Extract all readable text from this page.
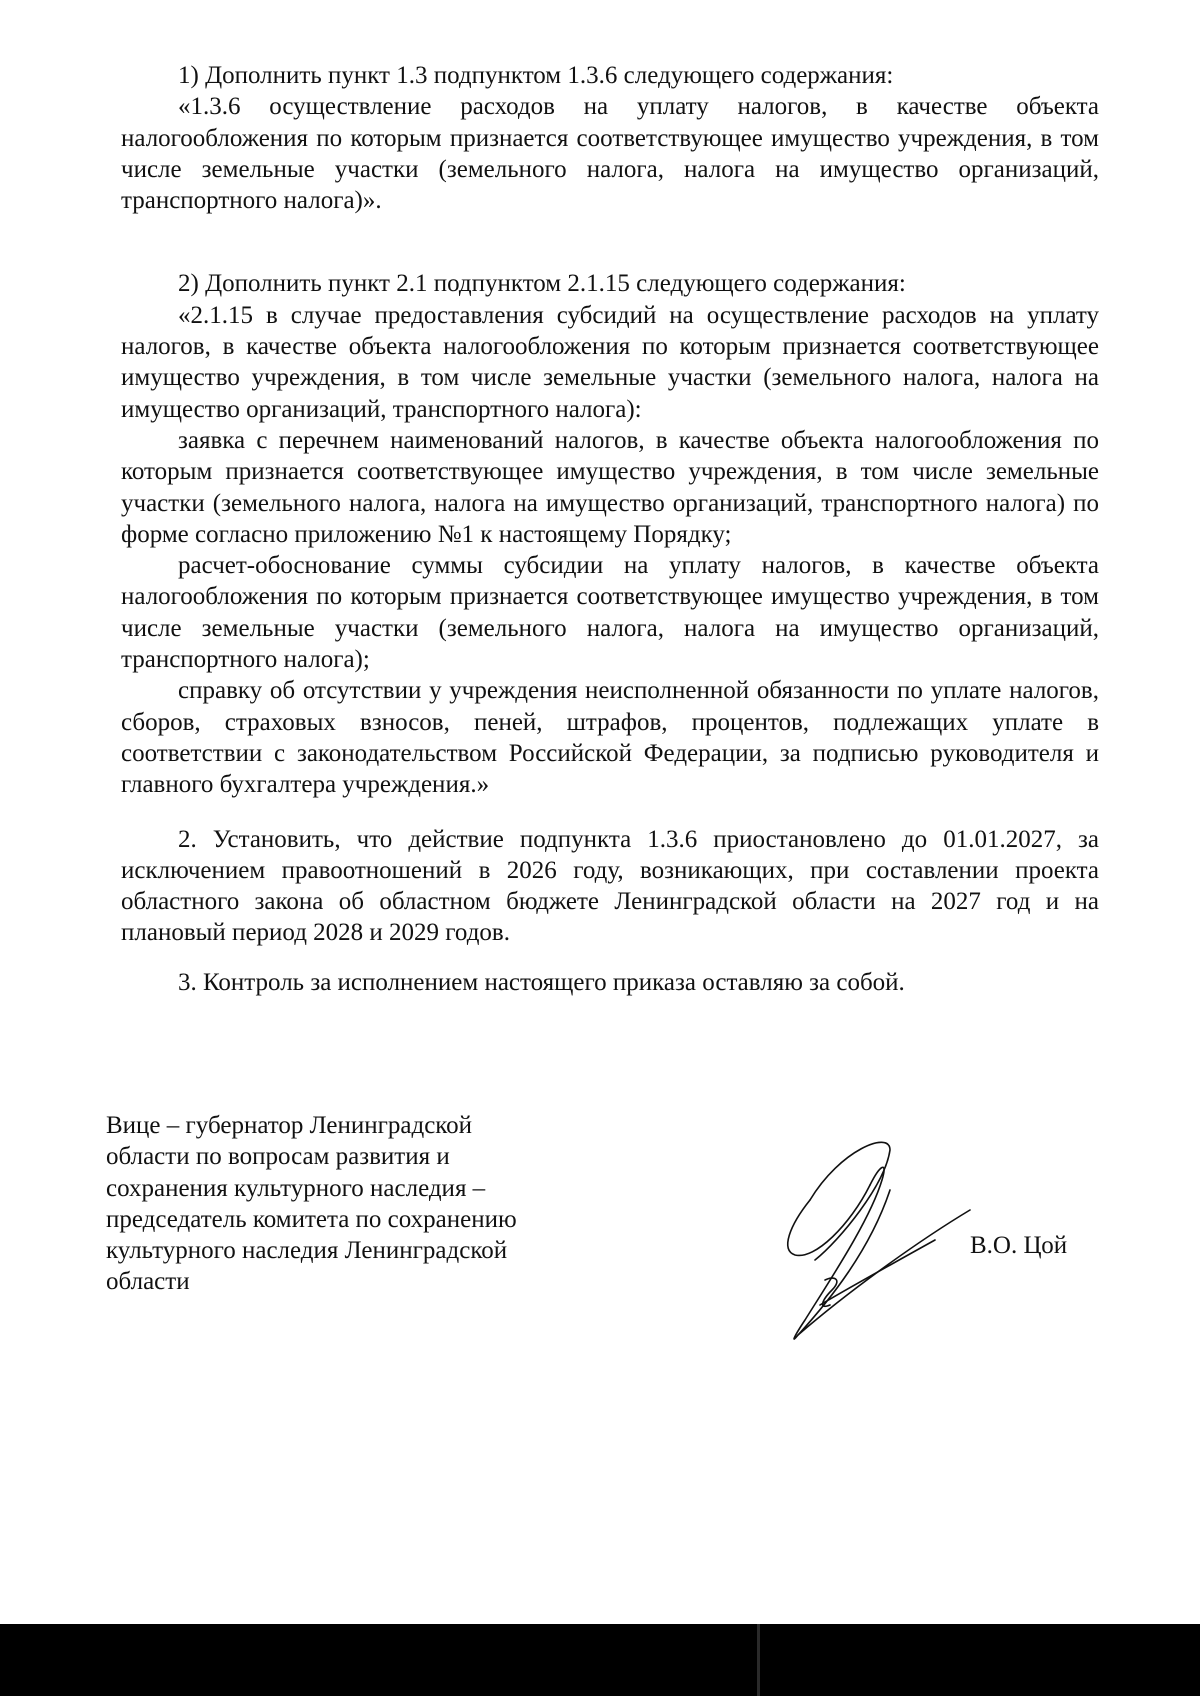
1) Дополнить пункт 1.3 подпунктом 1.3.6 следующего содержания:

«1.3.6 осуществление расходов на уплату налогов, в качестве объекта налогообложения по которым признается соответствующее имущество учреждения, в том числе земельные участки (земельного налога, налога на имущество организаций, транспортного налога)».

2) Дополнить пункт 2.1 подпунктом 2.1.15 следующего содержания:

«2.1.15 в случае предоставления субсидий на осуществление расходов на уплату налогов, в качестве объекта налогообложения по которым признается соответствующее имущество учреждения, в том числе земельные участки (земельного налога, налога на имущество организаций, транспортного налога):

заявка с перечнем наименований налогов, в качестве объекта налогообложения по которым признается соответствующее имущество учреждения, в том числе земельные участки (земельного налога, налога на имущество организаций, транспортного налога) по форме согласно приложению №1 к настоящему Порядку;

расчет-обоснование суммы субсидии на уплату налогов, в качестве объекта налогообложения по которым признается соответствующее имущество учреждения, в том числе земельные участки (земельного налога, налога на имущество организаций, транспортного налога);

справку об отсутствии у учреждения неисполненной обязанности по уплате налогов, сборов, страховых взносов, пеней, штрафов, процентов, подлежащих уплате в соответствии с законодательством Российской Федерации, за подписью руководителя и главного бухгалтера учреждения.»

2. Установить, что действие подпункта 1.3.6 приостановлено до 01.01.2027, за исключением правоотношений в 2026 году, возникающих, при составлении проекта областного закона об областном бюджете Ленинградской области на 2027 год и на плановый период 2028 и 2029 годов.

3. Контроль за исполнением настоящего приказа оставляю за собой.

Вице – губернатор Ленинградской
области по вопросам развития и
сохранения культурного наследия –
председатель комитета по сохранению
культурного наследия Ленинградской
области

В.О. Цой
